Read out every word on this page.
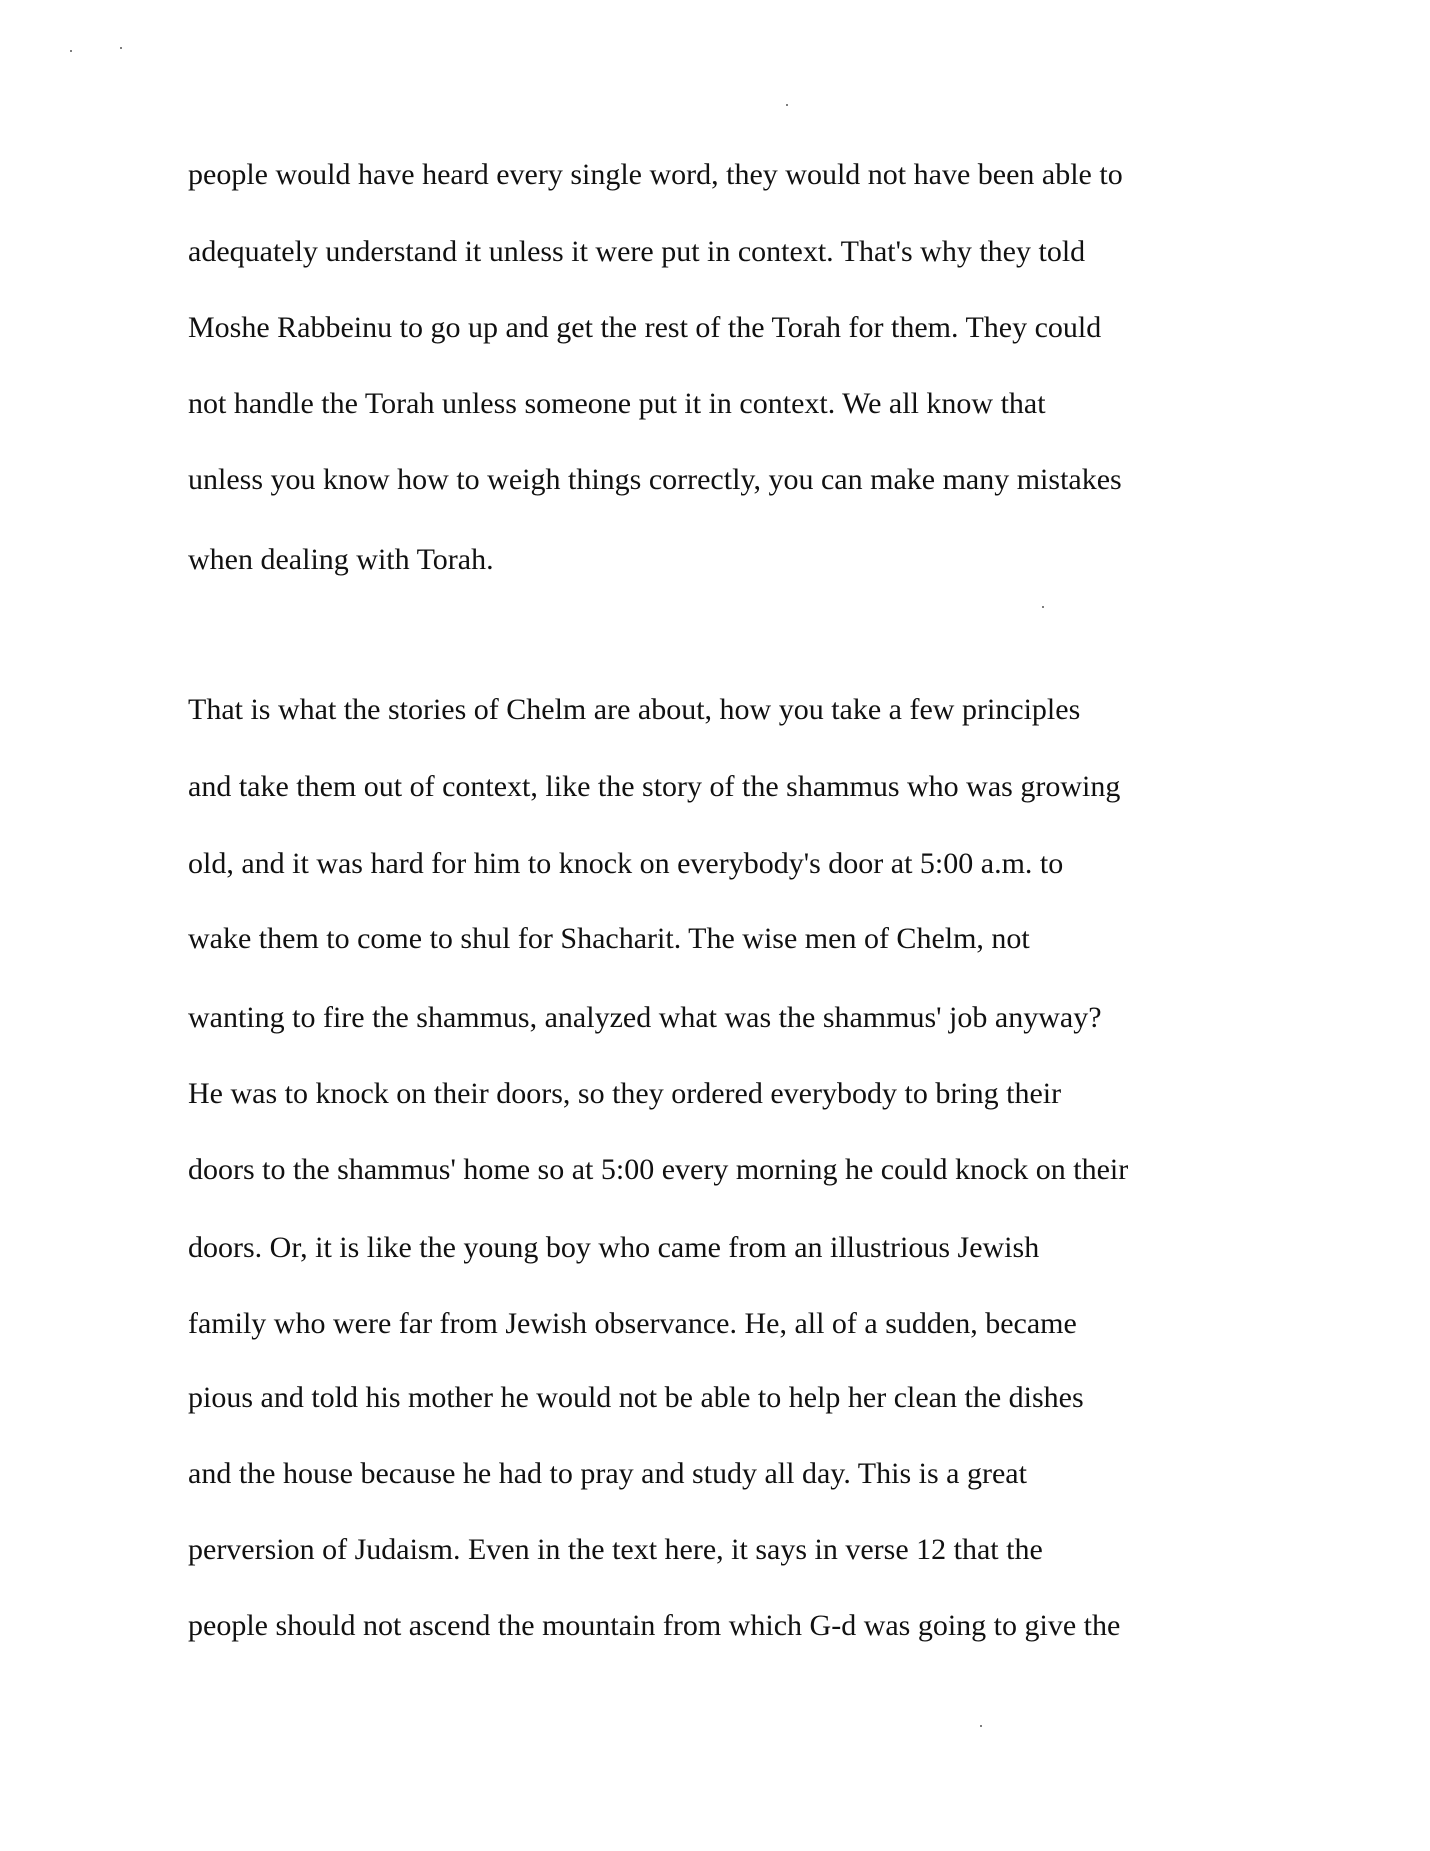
people would have heard every single word, they would not have been able to
adequately understand it unless it were put in context. That's why they told
Moshe Rabbeinu to go up and get the rest of the Torah for them. They could
not handle the Torah unless someone put it in context. We all know that
unless you know how to weigh things correctly, you can make many mistakes
when dealing with Torah.
That is what the stories of Chelm are about, how you take a few principles
and take them out of context, like the story of the shammus who was growing
old, and it was hard for him to knock on everybody's door at 5:00 a.m. to
wake them to come to shul for Shacharit. The wise men of Chelm, not
wanting to fire the shammus, analyzed what was the shammus' job anyway?
He was to knock on their doors, so they ordered everybody to bring their
doors to the shammus' home so at 5:00 every morning he could knock on their
doors. Or, it is like the young boy who came from an illustrious Jewish
family who were far from Jewish observance. He, all of a sudden, became
pious and told his mother he would not be able to help her clean the dishes
and the house because he had to pray and study all day. This is a great
perversion of Judaism. Even in the text here, it says in verse 12 that the
people should not ascend the mountain from which G-d was going to give the
